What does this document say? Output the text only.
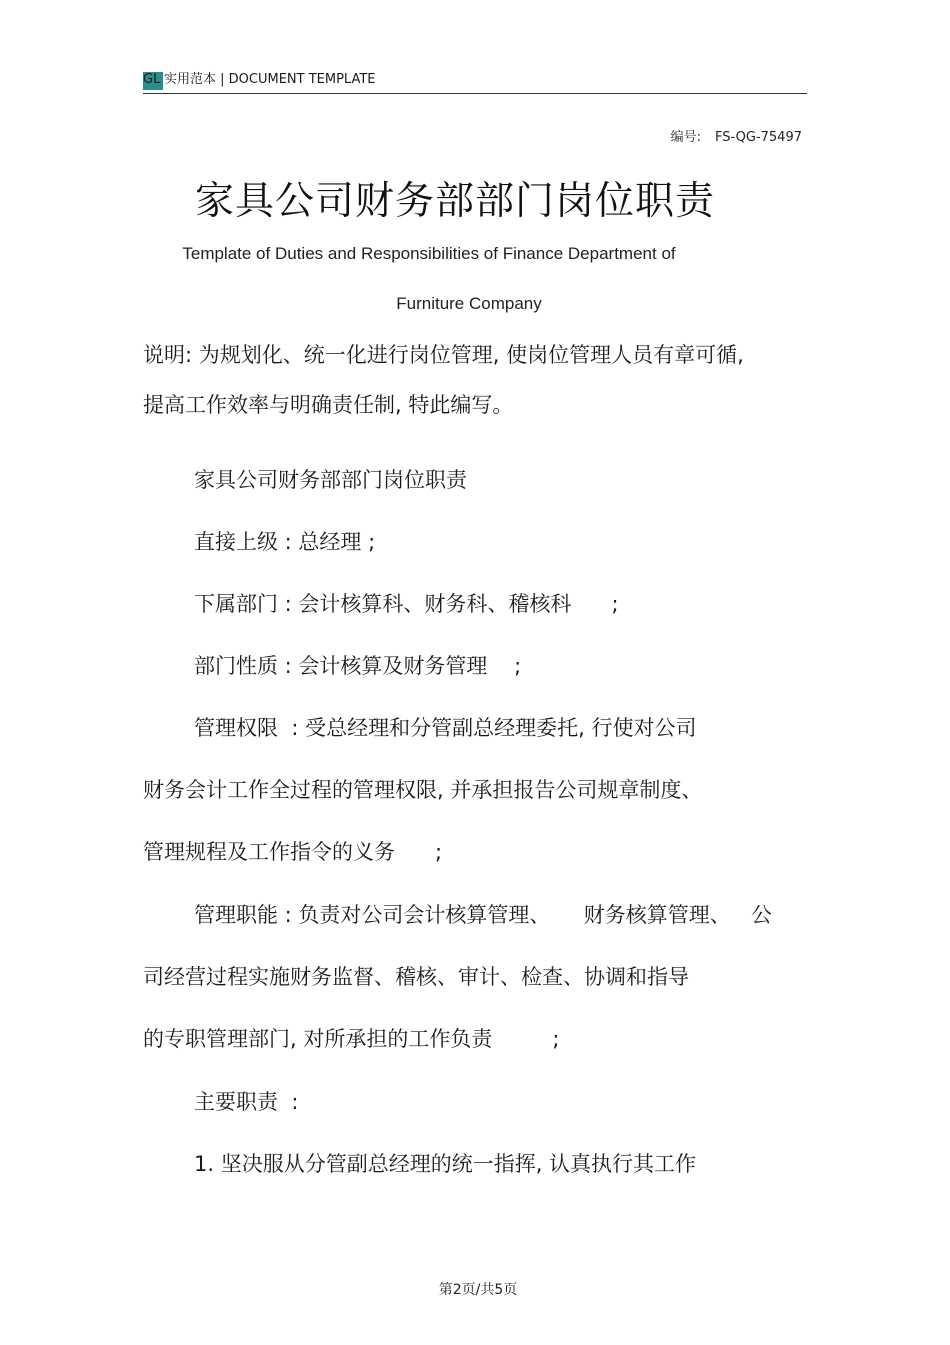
GL 实用范本 | DOCUMENT TEMPLATE
编号: FS-QG-75497
家具公司财务部部门岗位职责
Template of Duties and Responsibilities of Finance Department of
Furniture Company
说明: 为规划化、统一化进行岗位管理, 使岗位管理人员有章可循,
提高工作效率与明确责任制, 特此编写。
家具公司财务部部门岗位职责
直接上级 : 总经理 ;
下属部门 : 会计核算科、财务科、稽核科      ;
部门性质 : 会计核算及财务管理    ;
管理权限  : 受总经理和分管副总经理委托, 行使对公司
财务会计工作全过程的管理权限, 并承担报告公司规章制度、
管理规程及工作指令的义务      ;
管理职能 : 负责对公司会计核算管理、     财务核算管理、   公
司经营过程实施财务监督、稽核、审计、检查、协调和指导
的专职管理部门, 对所承担的工作负责         ;
主要职责  :
1. 坚决服从分管副总经理的统一指挥, 认真执行其工作
第2页/共5页
